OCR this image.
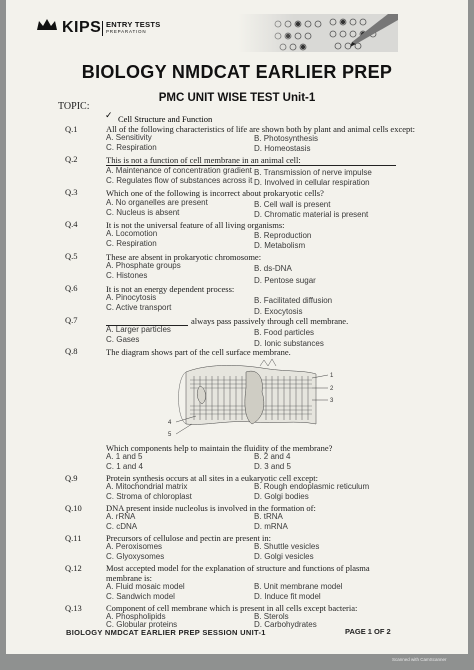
KIPS ENTRY TESTS
PREPARATION
BIOLOGY NMDCAT EARLIER PREP
PMC UNIT WISE TEST Unit-1
TOPIC:
✓ Cell Structure and Function
Q.1	All of the following characteristics of life are shown both by plant and animal cells except:
A. Sensitivity	B. Photosynthesis
C. Respiration	D. Homeostasis
Q.2	This is not a function of cell membrane in an animal cell:
A. Maintenance of concentration gradient B. Transmission of nerve impulse
C. Regulates flow of substances across it D. Involved in cellular respiration
Q.3	Which one of the following is incorrect about prokaryotic cells?
A. No organelles are present	B. Cell wall is present
C. Nucleus is absent	D. Chromatic material is present
Q.4	It is not the universal feature of all living organisms:
A. Locomotion	B. Reproduction
C. Respiration	D. Metabolism
Q.5	These are absent in prokaryotic chromosome:
A. Phosphate groups	B. ds-DNA
C. Histones
D. Pentose sugar
Q.6	It is not an energy dependent process:
A. Pinocytosis	B. Facilitated diffusion
C. Active transport	D. Exocytosis
Q.7	always pass passively through cell membrane.
A. Larger particles	B. Food particles
C. Gases	D. Ionic substances
Q.8	The diagram shows part of the cell surface membrane.
1
2
3
4
5
Which components help to maintain the fluidity of the membrane?
A. 1 and 5	B. 2 and 4
C. 1 and 4	D. 3 and 5
Q.9	Protein synthesis occurs at all sites in a eukaryotic cell except:
A. Mitochondrial matrix	B. Rough endoplasmic reticulum
C. Stroma of chloroplast	D. Golgi bodies
Q.10	DNA present inside nucleolus is involved in the formation of:
A. rRNA	B. tRNA
C. cDNA	D. mRNA
Q.11	Precursors of cellulose and pectin are present in:
A. Peroxisomes	B. Shuttle vesicles
C. Glyoxysomes	D. Golgi vesicles
Q.12	Most accepted model for the explanation of structure and functions of plasma
membrane is:
A. Fluid mosaic model	B. Unit membrane model
C. Sandwich model	D. Induce fit model
Q.13	Component of cell membrane which is present in all cells except bacteria:
A. Phospholipids	B. Sterols
C. Globular proteins	D. Carbohydrates
BIOLOGY NMDCAT EARLIER PREP SESSION UNIT-1	PAGE 1 OF 2
Scanned with CamScanner
